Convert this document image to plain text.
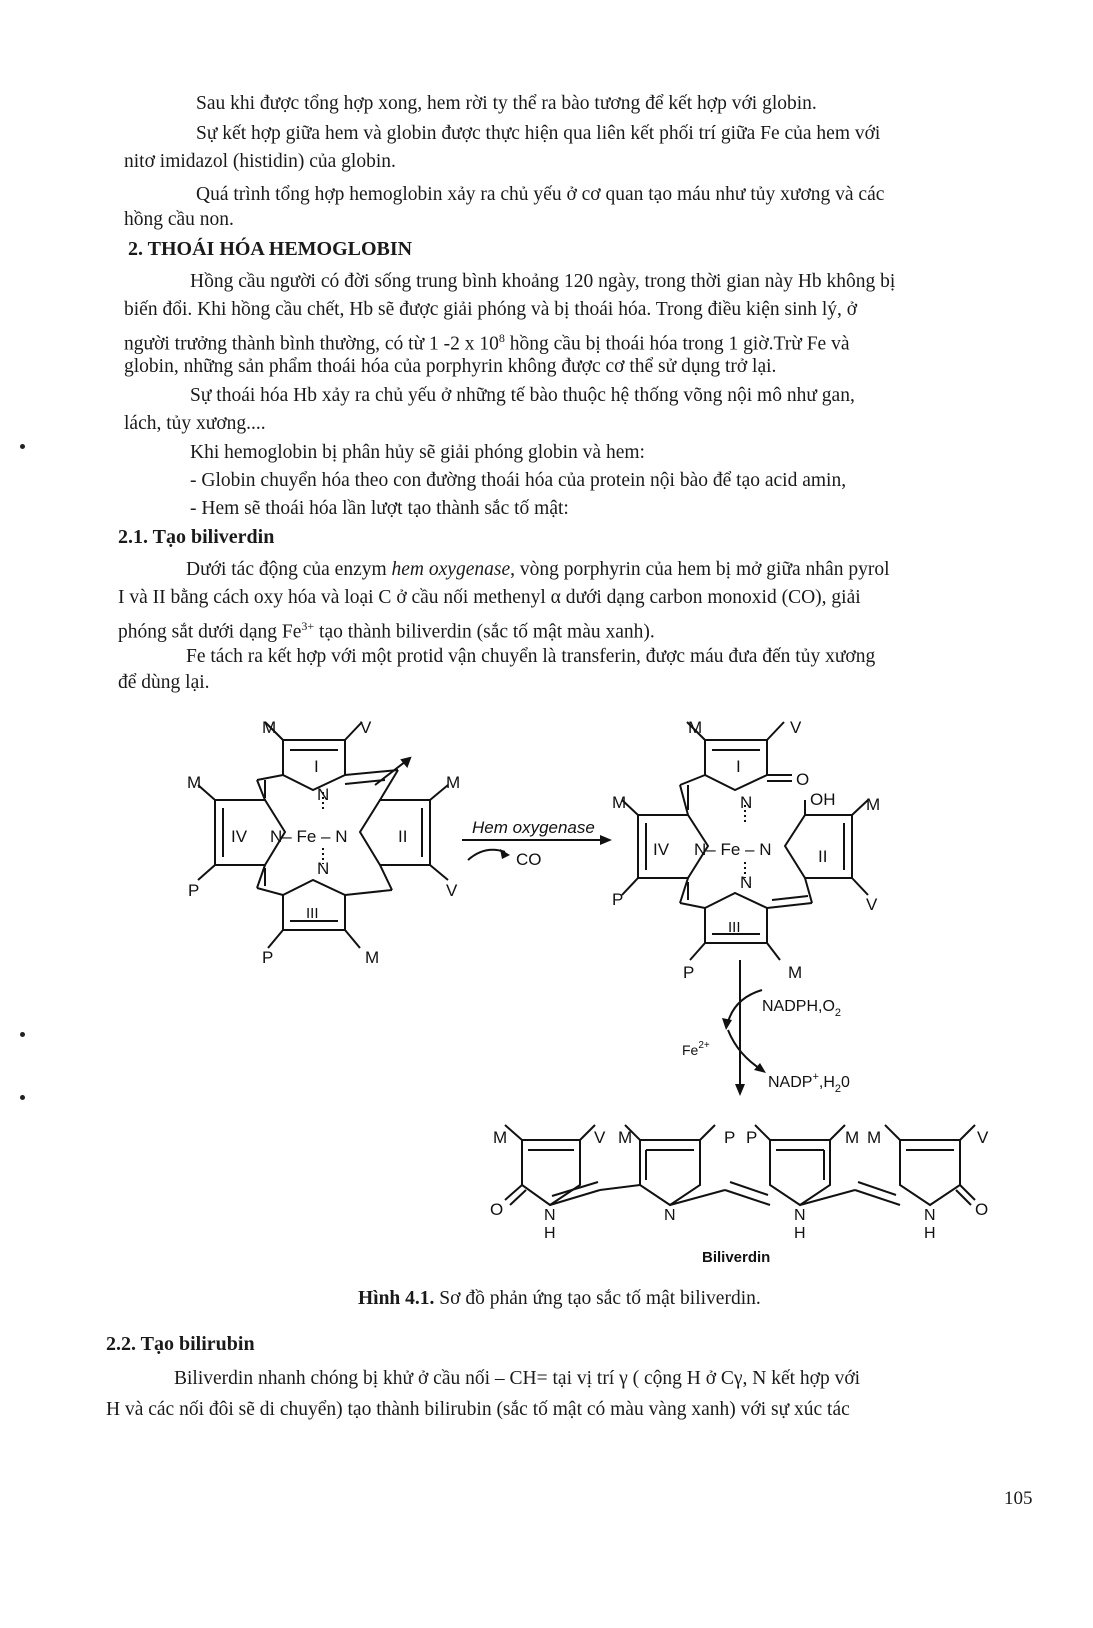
Sau khi được tổng hợp xong, hem rời ty thể ra bào tương để kết hợp với globin.
Sự kết hợp giữa hem và globin được thực hiện qua liên kết phối trí giữa Fe của hem với
nitơ imidazol (histidin) của globin.
Quá trình tổng hợp hemoglobin xảy ra chủ yếu ở cơ quan tạo máu như tủy xương và các
hồng cầu non.
2. THOÁI HÓA HEMOGLOBIN
Hồng cầu người có đời sống trung bình khoảng 120 ngày, trong thời gian này Hb không bị
biến đổi. Khi hồng cầu chết, Hb sẽ được giải phóng và bị thoái hóa. Trong điều kiện sinh lý, ở
người trưởng thành bình thường, có từ 1 -2 x $10^8$ hồng cầu bị thoái hóa trong 1 giờ.Trừ Fe và
globin, những sản phẩm thoái hóa của porphyrin không được cơ thể sử dụng trở lại.
Sự thoái hóa Hb xảy ra chủ yếu ở những tế bào thuộc hệ thống võng nội mô như gan,
lách, tủy xương....
Khi hemoglobin bị phân hủy sẽ giải phóng globin và hem:
- Globin chuyển hóa theo con đường thoái hóa của protein nội bào để tạo acid amin,
- Hem sẽ thoái hóa lần lượt tạo thành sắc tố mật:
2.1. Tạo biliverdin
Dưới tác động của enzym hem oxygenase, vòng porphyrin của hem bị mở giữa nhân pyrol
I và II bằng cách oxy hóa và loại C ở cầu nối methenyl α dưới dạng carbon monoxid (CO), giải
phóng sắt dưới dạng $Fe^{3+}$ tạo thành biliverdin (sắc tố mật màu xanh).
Fe tách ra kết hợp với một protid vận chuyển là transferin, được máu đưa đến tủy xương
để dùng lại.
M	V
I
M	M
N
IV N– Fe – N	II
N
P	V
III
P	M
Hem oxygenase
CO
M	V
I
O
M	N	OH M
IV N– Fe – N	II
N
P	V
III
P	M
$NADPH,O_2$
$Fe^{2+}$
$NADP^+,H_20$
M	V M	P P	M M	V
O	N
H
N	N
H
N
H
O
Biliverdin
Hình 4.1. Sơ đồ phản ứng tạo sắc tố mật biliverdin.
2.2. Tạo bilirubin
Biliverdin nhanh chóng bị khử ở cầu nối – CH= tại vị trí γ ( cộng H ở Cγ, N kết hợp với
H và các nối đôi sẽ di chuyển) tạo thành bilirubin (sắc tố mật có màu vàng xanh) với sự xúc tác
105
